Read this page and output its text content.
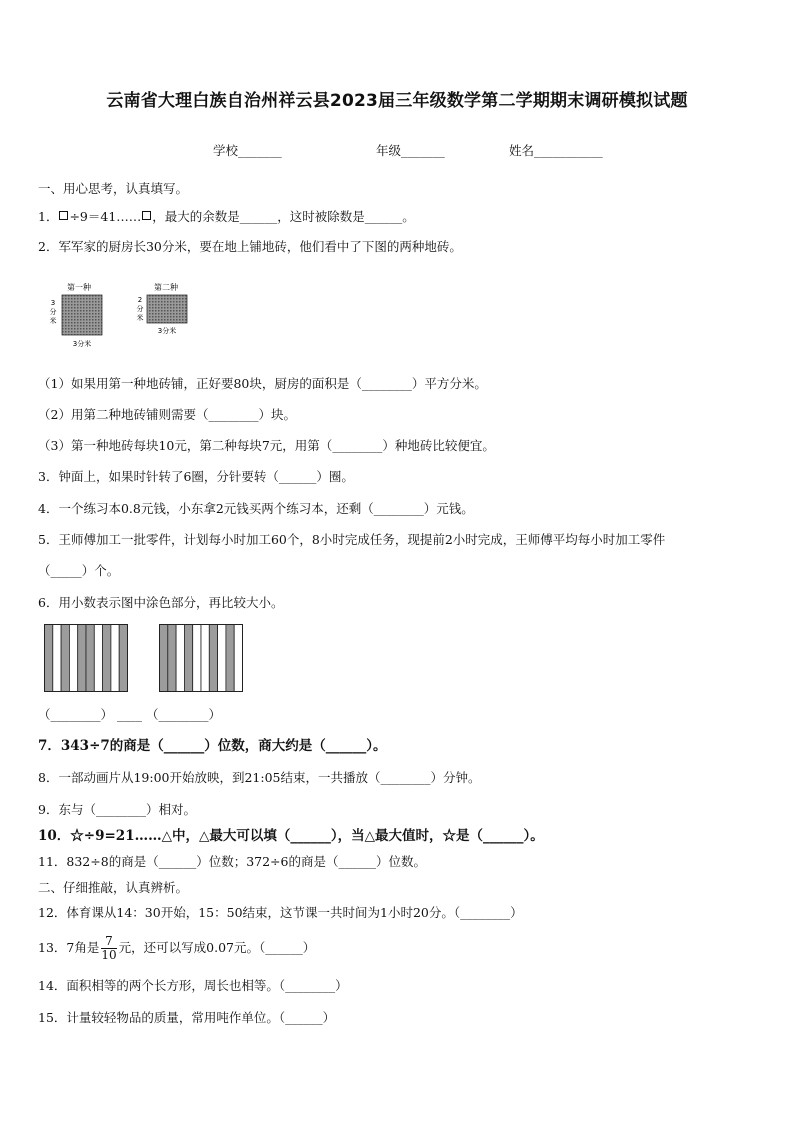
云南省大理白族自治州祥云县2023届三年级数学第二学期期末调研模拟试题
学校_______	年级_______	姓名___________
一、用心思考，认真填写。
1． ÷9＝41…… ，最大的余数是______，这时被除数是______。
2．军军家的厨房长30分米，要在地上铺地砖，他们看中了下图的两种地砖。
第一种
3
分
米
3分米
第二种
2
分
米
3分米
（1）如果用第一种地砖铺，正好要80块，厨房的面积是（________）平方分米。
（2）用第二种地砖铺则需要（________）块。
（3）第一种地砖每块10元，第二种每块7元，用第（________）种地砖比较便宜。
3．钟面上，如果时针转了6圈，分针要转（______）圈。
4．一个练习本0.8元钱，小东拿2元钱买两个练习本，还剩（________）元钱。
5．王师傅加工一批零件，计划每小时加工60个，8小时完成任务，现提前2小时完成，王师傅平均每小时加工零件
（_____）个。
6．用小数表示图中涂色部分，再比较大小。
（________） ____ （________）
7．343÷7的商是（______）位数，商大约是（______）。
8．一部动画片从19:00开始放映，到21:05结束，一共播放（________）分钟。
9．东与（________）相对。
10．☆÷9=21……△中，△最大可以填（______），当△最大值时，☆是（______）。
11．832÷8的商是（______）位数；372÷6的商是（______）位数。
二、仔细推敲，认真辨析。
12．体育课从14：30开始，15：50结束，这节课一共时间为1小时20分。（________）
13．7角是 $\frac{7}{10}$ 元，还可以写成0.07元。（______）
14．面积相等的两个长方形，周长也相等。（________）
15．计量较轻物品的质量，常用吨作单位。（______）
